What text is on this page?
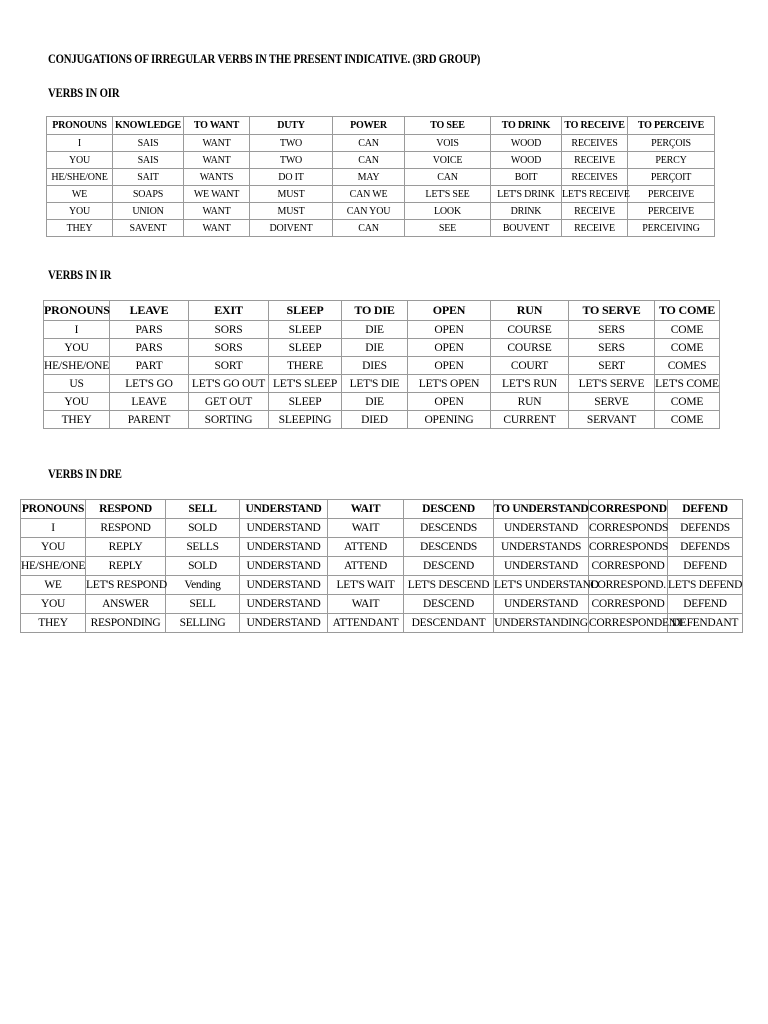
CONJUGATIONS OF IRREGULAR VERBS IN THE PRESENT INDICATIVE. (3RD GROUP)

VERBS IN OIR

PRONOUNS	KNOWLEDGE	TO WANT	DUTY	POWER	TO SEE	TO DRINK	TO RECEIVE	TO PERCEIVE
I	SAIS	WANT	TWO	CAN	VOIS	WOOD	RECEIVES	PERÇOIS
YOU	SAIS	WANT	TWO	CAN	VOICE	WOOD	RECEIVE	PERCY
HE/SHE/ONE	SAIT	WANTS	DO IT	MAY	CAN	BOIT	RECEIVES	PERÇOIT
WE	SOAPS	WE WANT	MUST	CAN WE	LET'S SEE	LET'S DRINK	LET'S RECEIVE	PERCEIVE
YOU	UNION	WANT	MUST	CAN YOU	LOOK	DRINK	RECEIVE	PERCEIVE
THEY	SAVENT	WANT	DOIVENT	CAN	SEE	BOUVENT	RECEIVE	PERCEIVING

VERBS IN IR

PRONOUNS	LEAVE	EXIT	SLEEP	TO DIE	OPEN	RUN	TO SERVE	TO COME
I	PARS	SORS	SLEEP	DIE	OPEN	COURSE	SERS	COME
YOU	PARS	SORS	SLEEP	DIE	OPEN	COURSE	SERS	COME
HE/SHE/ONE	PART	SORT	THERE	DIES	OPEN	COURT	SERT	COMES
US	LET'S GO	LET'S GO OUT	LET'S SLEEP	LET'S DIE	LET'S OPEN	LET'S RUN	LET'S SERVE	LET'S COME
YOU	LEAVE	GET OUT	SLEEP	DIE	OPEN	RUN	SERVE	COME
THEY	PARENT	SORTING	SLEEPING	DIED	OPENING	CURRENT	SERVANT	COME

VERBS IN DRE

PRONOUNS	RESPOND	SELL	UNDERSTAND	WAIT	DESCEND	TO UNDERSTAND	CORRESPOND	DEFEND
I	RESPOND	SOLD	UNDERSTAND	WAIT	DESCENDS	UNDERSTAND	CORRESPONDS	DEFENDS
YOU	REPLY	SELLS	UNDERSTAND	ATTEND	DESCENDS	UNDERSTANDS	CORRESPONDS	DEFENDS
HE/SHE/ONE	REPLY	SOLD	UNDERSTAND	ATTEND	DESCEND	UNDERSTAND	CORRESPOND	DEFEND
WE	LET'S RESPOND	Vending	UNDERSTAND	LET'S WAIT	LET'S DESCEND	LET'S UNDERSTAND	CORRESPOND.	LET'S DEFEND
YOU	ANSWER	SELL	UNDERSTAND	WAIT	DESCEND	UNDERSTAND	CORRESPOND	DEFEND
THEY	RESPONDING	SELLING	UNDERSTAND	ATTENDANT	DESCENDANT	UNDERSTANDING	CORRESPONDENT	DEFENDANT
